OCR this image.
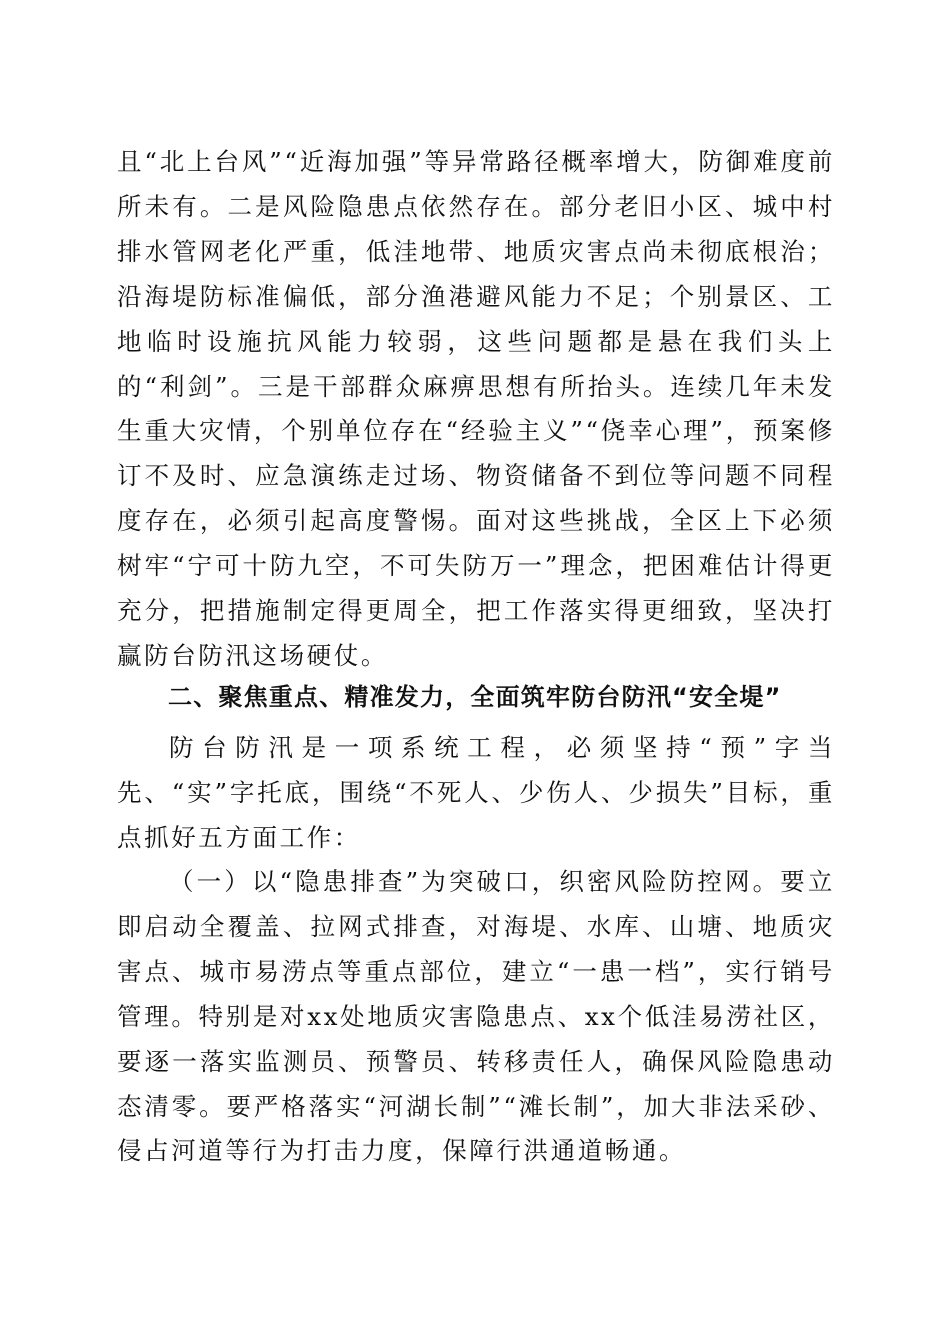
且“北上台风”“近海加强”等异常路径概率增大，防御难度前所未有。二是风险隐患点依然存在。部分老旧小区、城中村排水管网老化严重，低洼地带、地质灾害点尚未彻底根治；沿海堤防标准偏低，部分渔港避风能力不足；个别景区、工地临时设施抗风能力较弱，这些问题都是悬在我们头上的“利剑”。三是干部群众麻痹思想有所抬头。连续几年未发生重大灾情，个别单位存在“经验主义”“侥幸心理”，预案修订不及时、应急演练走过场、物资储备不到位等问题不同程度存在，必须引起高度警惕。面对这些挑战，全区上下必须树牢“宁可十防九空，不可失防万一”理念，把困难估计得更充分，把措施制定得更周全，把工作落实得更细致，坚决打赢防台防汛这场硬仗。

二、聚焦重点、精准发力，全面筑牢防台防汛“安全堤”

防台防汛是一项系统工程，必须坚持“预”字当先、“实”字托底，围绕“不死人、少伤人、少损失”目标，重点抓好五方面工作：

（一）以“隐患排查”为突破口，织密风险防控网。要立即启动全覆盖、拉网式排查，对海堤、水库、山塘、地质灾害点、城市易涝点等重点部位，建立“一患一档”，实行销号管理。特别是对xx处地质灾害隐患点、xx个低洼易涝社区，要逐一落实监测员、预警员、转移责任人，确保风险隐患动态清零。要严格落实“河湖长制”“滩长制”，加大非法采砂、侵占河道等行为打击力度，保障行洪通道畅通。
